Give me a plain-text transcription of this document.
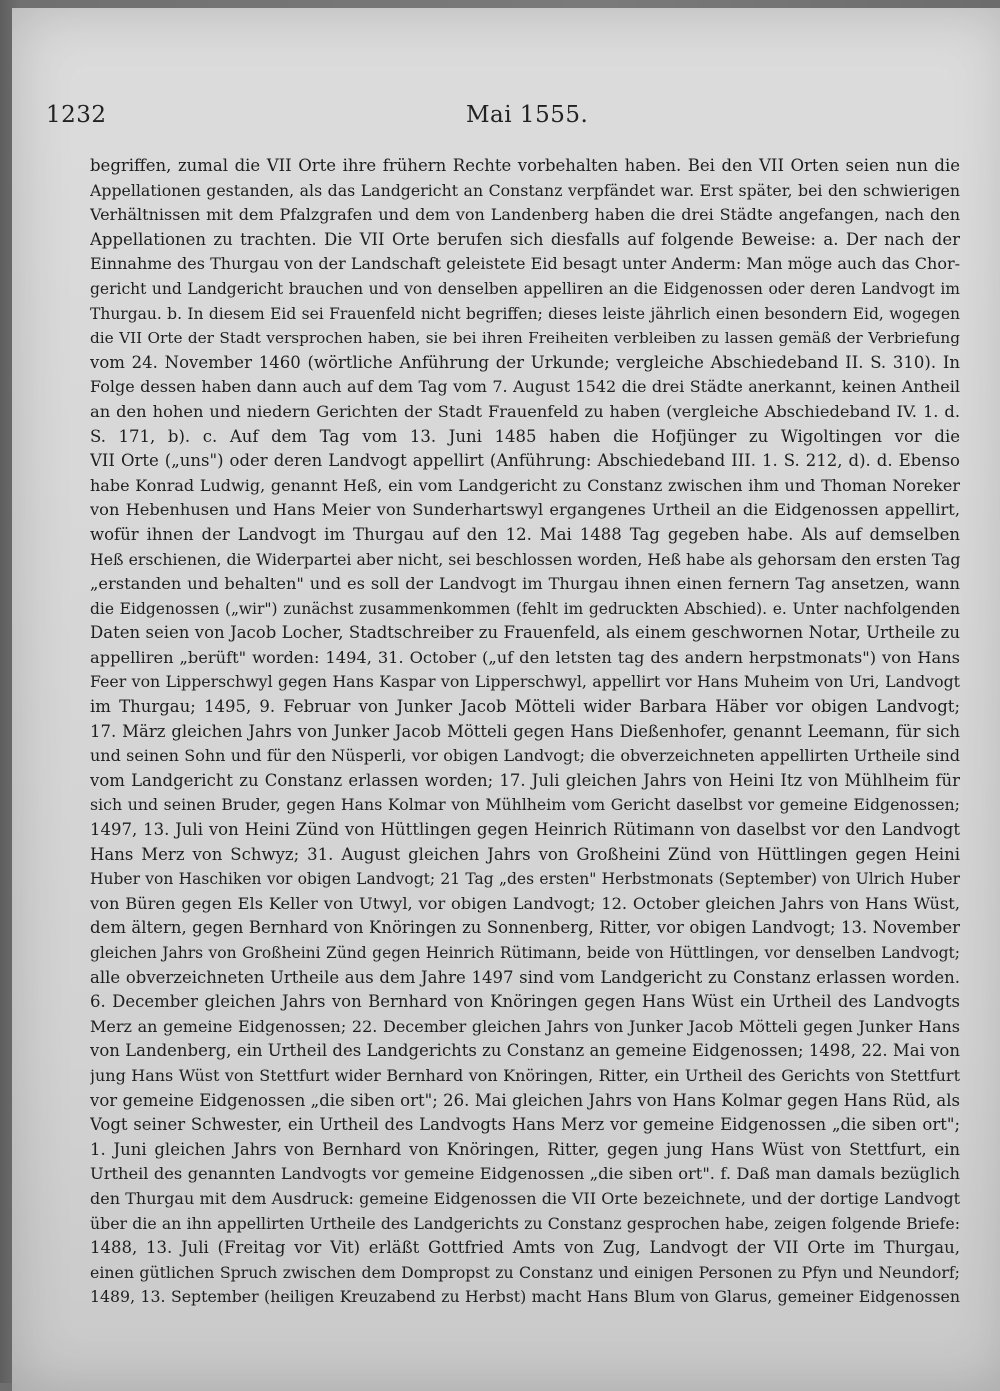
1232	Mai 1555.
begriffen, zumal die VII Orte ihre frühern Rechte vorbehalten haben. Bei den VII Orten seien nun die
Appellationen gestanden, als das Landgericht an Constanz verpfändet war. Erst später, bei den schwierigen
Verhältnissen mit dem Pfalzgrafen und dem von Landenberg haben die drei Städte angefangen, nach den
Appellationen zu trachten. Die VII Orte berufen sich diesfalls auf folgende Beweise: a. Der nach der
Einnahme des Thurgau von der Landschaft geleistete Eid besagt unter Anderm: Man möge auch das Chor-
gericht und Landgericht brauchen und von denselben appelliren an die Eidgenossen oder deren Landvogt im
Thurgau. b. In diesem Eid sei Frauenfeld nicht begriffen; dieses leiste jährlich einen besondern Eid, wogegen
die VII Orte der Stadt versprochen haben, sie bei ihren Freiheiten verbleiben zu lassen gemäß der Verbriefung
vom 24. November 1460 (wörtliche Anführung der Urkunde; vergleiche Abschiedeband II. S. 310). In
Folge dessen haben dann auch auf dem Tag vom 7. August 1542 die drei Städte anerkannt, keinen Antheil
an den hohen und niedern Gerichten der Stadt Frauenfeld zu haben (vergleiche Abschiedeband IV. 1. d.
S. 171, b). c. Auf dem Tag vom 13. Juni 1485 haben die Hofjünger zu Wigoltingen vor die
VII Orte („uns") oder deren Landvogt appellirt (Anführung: Abschiedeband III. 1. S. 212, d). d. Ebenso
habe Konrad Ludwig, genannt Heß, ein vom Landgericht zu Constanz zwischen ihm und Thoman Noreker
von Hebenhusen und Hans Meier von Sunderhartswyl ergangenes Urtheil an die Eidgenossen appellirt,
wofür ihnen der Landvogt im Thurgau auf den 12. Mai 1488 Tag gegeben habe. Als auf demselben
Heß erschienen, die Widerpartei aber nicht, sei beschlossen worden, Heß habe als gehorsam den ersten Tag
„erstanden und behalten" und es soll der Landvogt im Thurgau ihnen einen fernern Tag ansetzen, wann
die Eidgenossen („wir") zunächst zusammenkommen (fehlt im gedruckten Abschied). e. Unter nachfolgenden
Daten seien von Jacob Locher, Stadtschreiber zu Frauenfeld, als einem geschwornen Notar, Urtheile zu
appelliren „berüft" worden: 1494, 31. October („uf den letsten tag des andern herpstmonats") von Hans
Feer von Lipperschwyl gegen Hans Kaspar von Lipperschwyl, appellirt vor Hans Muheim von Uri, Landvogt
im Thurgau; 1495, 9. Februar von Junker Jacob Mötteli wider Barbara Häber vor obigen Landvogt;
17. März gleichen Jahrs von Junker Jacob Mötteli gegen Hans Dießenhofer, genannt Leemann, für sich
und seinen Sohn und für den Nüsperli, vor obigen Landvogt; die obverzeichneten appellirten Urtheile sind
vom Landgericht zu Constanz erlassen worden; 17. Juli gleichen Jahrs von Heini Itz von Mühlheim für
sich und seinen Bruder, gegen Hans Kolmar von Mühlheim vom Gericht daselbst vor gemeine Eidgenossen;
1497, 13. Juli von Heini Zünd von Hüttlingen gegen Heinrich Rütimann von daselbst vor den Landvogt
Hans Merz von Schwyz; 31. August gleichen Jahrs von Großheini Zünd von Hüttlingen gegen Heini
Huber von Haschiken vor obigen Landvogt; 21 Tag „des ersten" Herbstmonats (September) von Ulrich Huber
von Büren gegen Els Keller von Utwyl, vor obigen Landvogt; 12. October gleichen Jahrs von Hans Wüst,
dem ältern, gegen Bernhard von Knöringen zu Sonnenberg, Ritter, vor obigen Landvogt; 13. November
gleichen Jahrs von Großheini Zünd gegen Heinrich Rütimann, beide von Hüttlingen, vor denselben Landvogt;
alle obverzeichneten Urtheile aus dem Jahre 1497 sind vom Landgericht zu Constanz erlassen worden.
6. December gleichen Jahrs von Bernhard von Knöringen gegen Hans Wüst ein Urtheil des Landvogts
Merz an gemeine Eidgenossen; 22. December gleichen Jahrs von Junker Jacob Mötteli gegen Junker Hans
von Landenberg, ein Urtheil des Landgerichts zu Constanz an gemeine Eidgenossen; 1498, 22. Mai von
jung Hans Wüst von Stettfurt wider Bernhard von Knöringen, Ritter, ein Urtheil des Gerichts von Stettfurt
vor gemeine Eidgenossen „die siben ort"; 26. Mai gleichen Jahrs von Hans Kolmar gegen Hans Rüd, als
Vogt seiner Schwester, ein Urtheil des Landvogts Hans Merz vor gemeine Eidgenossen „die siben ort";
1. Juni gleichen Jahrs von Bernhard von Knöringen, Ritter, gegen jung Hans Wüst von Stettfurt, ein
Urtheil des genannten Landvogts vor gemeine Eidgenossen „die siben ort". f. Daß man damals bezüglich
den Thurgau mit dem Ausdruck: gemeine Eidgenossen die VII Orte bezeichnete, und der dortige Landvogt
über die an ihn appellirten Urtheile des Landgerichts zu Constanz gesprochen habe, zeigen folgende Briefe:
1488, 13. Juli (Freitag vor Vit) erläßt Gottfried Amts von Zug, Landvogt der VII Orte im Thurgau,
einen gütlichen Spruch zwischen dem Dompropst zu Constanz und einigen Personen zu Pfyn und Neundorf;
1489, 13. September (heiligen Kreuzabend zu Herbst) macht Hans Blum von Glarus, gemeiner Eidgenossen
